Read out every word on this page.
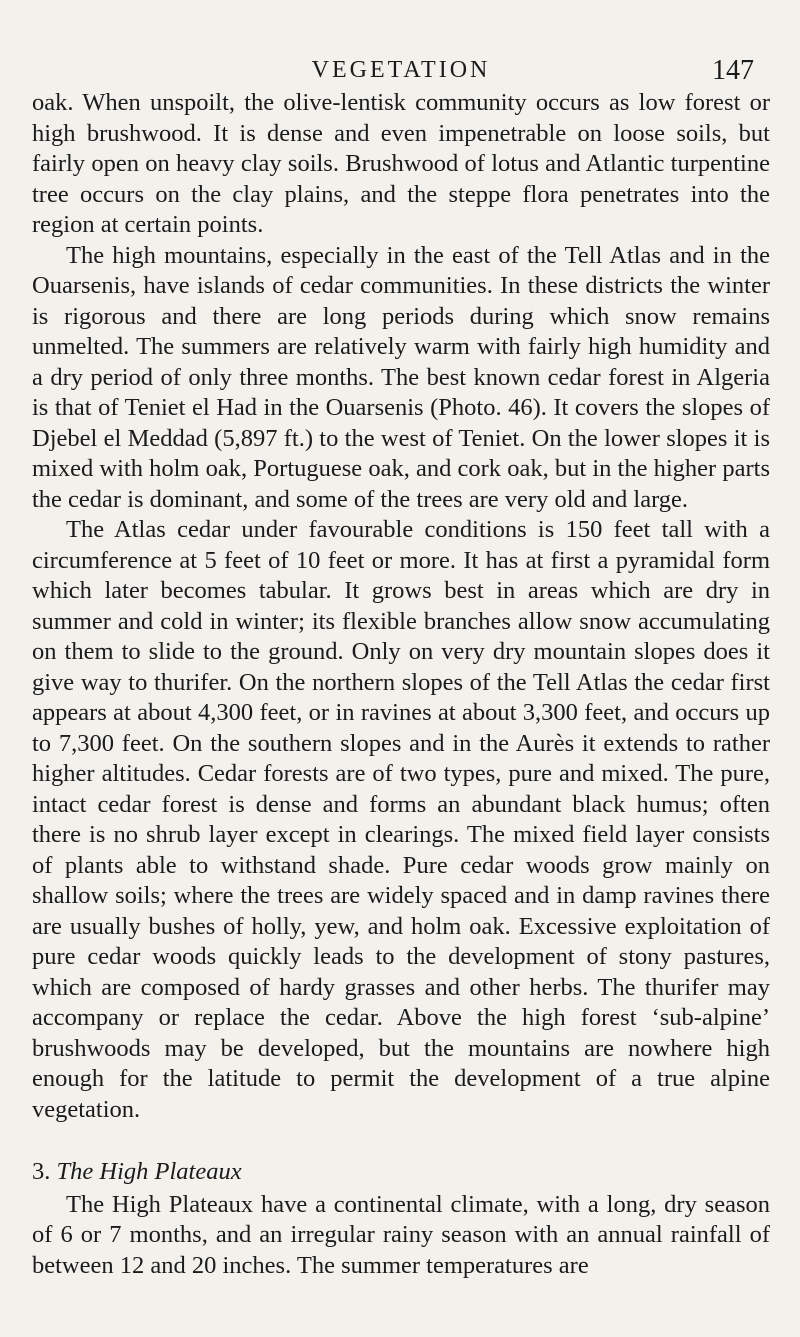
VEGETATION	147

oak. When unspoilt, the olive-lentisk community occurs as low forest or high brushwood. It is dense and even impenetrable on loose soils, but fairly open on heavy clay soils. Brushwood of lotus and Atlantic turpentine tree occurs on the clay plains, and the steppe flora penetrates into the region at certain points.

The high mountains, especially in the east of the Tell Atlas and in the Ouarsenis, have islands of cedar communities. In these districts the winter is rigorous and there are long periods during which snow remains unmelted. The summers are relatively warm with fairly high humidity and a dry period of only three months. The best known cedar forest in Algeria is that of Teniet el Had in the Ouarsenis (Photo. 46). It covers the slopes of Djebel el Meddad (5,897 ft.) to the west of Teniet. On the lower slopes it is mixed with holm oak, Portuguese oak, and cork oak, but in the higher parts the cedar is dominant, and some of the trees are very old and large.

The Atlas cedar under favourable conditions is 150 feet tall with a circumference at 5 feet of 10 feet or more. It has at first a pyramidal form which later becomes tabular. It grows best in areas which are dry in summer and cold in winter; its flexible branches allow snow accumulating on them to slide to the ground. Only on very dry mountain slopes does it give way to thurifer. On the northern slopes of the Tell Atlas the cedar first appears at about 4,300 feet, or in ravines at about 3,300 feet, and occurs up to 7,300 feet. On the southern slopes and in the Aurès it extends to rather higher altitudes. Cedar forests are of two types, pure and mixed. The pure, intact cedar forest is dense and forms an abundant black humus; often there is no shrub layer except in clearings. The mixed field layer consists of plants able to withstand shade. Pure cedar woods grow mainly on shallow soils; where the trees are widely spaced and in damp ravines there are usually bushes of holly, yew, and holm oak. Excessive exploitation of pure cedar woods quickly leads to the development of stony pastures, which are composed of hardy grasses and other herbs. The thurifer may accompany or replace the cedar. Above the high forest ‘sub-alpine’ brushwoods may be developed, but the mountains are nowhere high enough for the latitude to permit the development of a true alpine vegetation.

3. The High Plateaux

The High Plateaux have a continental climate, with a long, dry season of 6 or 7 months, and an irregular rainy season with an annual rainfall of between 12 and 20 inches. The summer temperatures are
